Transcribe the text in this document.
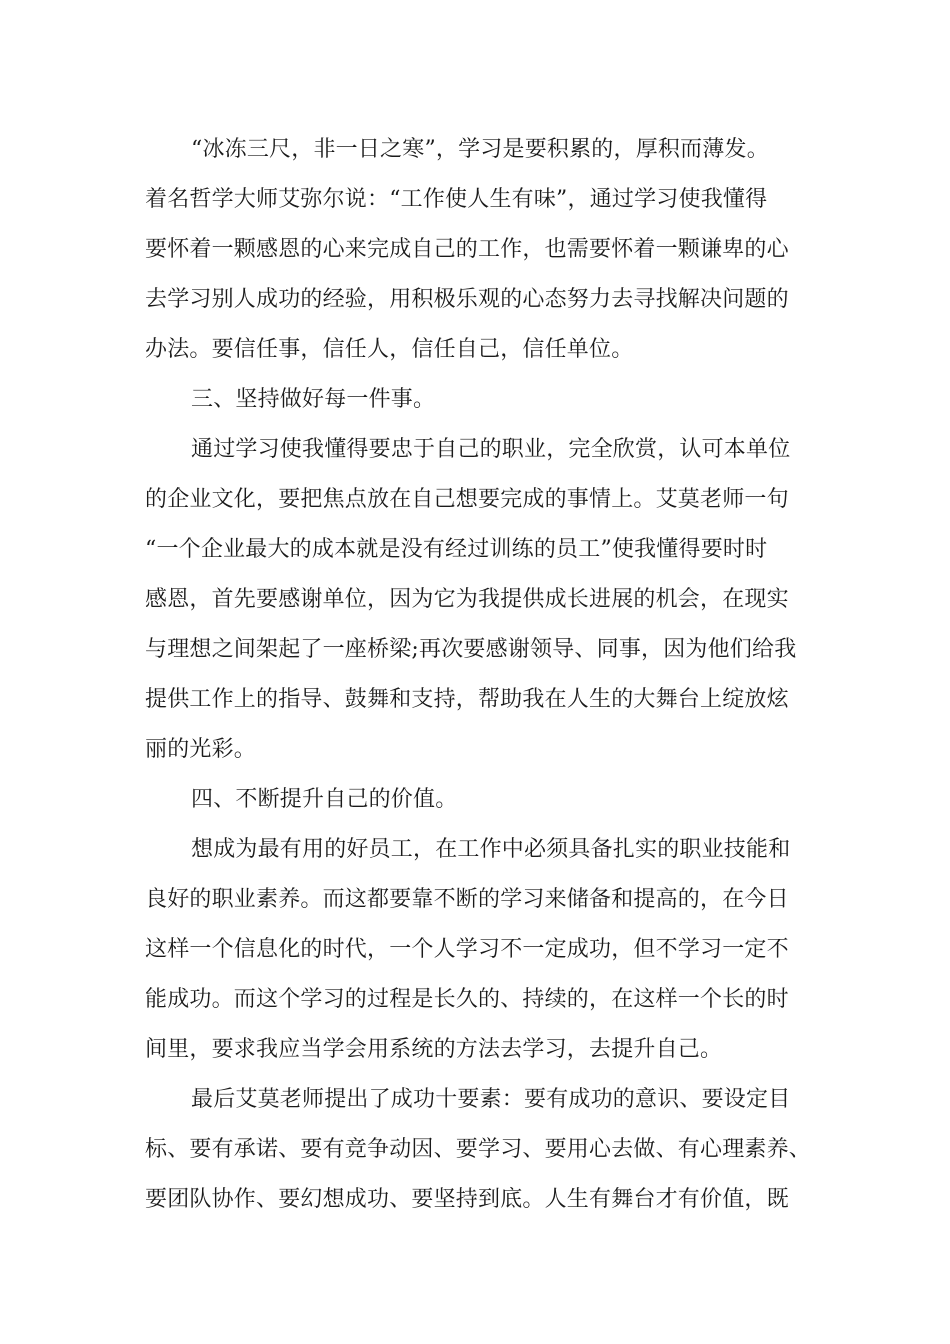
“冰冻三尺，非一日之寒”，学习是要积累的，厚积而薄发。
着名哲学大师艾弥尔说：“工作使人生有味”，通过学习使我懂得
要怀着一颗感恩的心来完成自己的工作，也需要怀着一颗谦卑的心
去学习别人成功的经验，用积极乐观的心态努力去寻找解决问题的
办法。要信任事，信任人，信任自己，信任单位。
三、坚持做好每一件事。
通过学习使我懂得要忠于自己的职业，完全欣赏，认可本单位
的企业文化，要把焦点放在自己想要完成的事情上。艾莫老师一句
“一个企业最大的成本就是没有经过训练的员工”使我懂得要时时
感恩，首先要感谢单位，因为它为我提供成长进展的机会，在现实
与理想之间架起了一座桥梁;再次要感谢领导、同事，因为他们给我
提供工作上的指导、鼓舞和支持，帮助我在人生的大舞台上绽放炫
丽的光彩。
四、不断提升自己的价值。
想成为最有用的好员工，在工作中必须具备扎实的职业技能和
良好的职业素养。而这都要靠不断的学习来储备和提高的，在今日
这样一个信息化的时代，一个人学习不一定成功，但不学习一定不
能成功。而这个学习的过程是长久的、持续的，在这样一个长的时
间里，要求我应当学会用系统的方法去学习，去提升自己。
最后艾莫老师提出了成功十要素：要有成功的意识、要设定目
标、要有承诺、要有竞争动因、要学习、要用心去做、有心理素养、
要团队协作、要幻想成功、要坚持到底。人生有舞台才有价值，既
